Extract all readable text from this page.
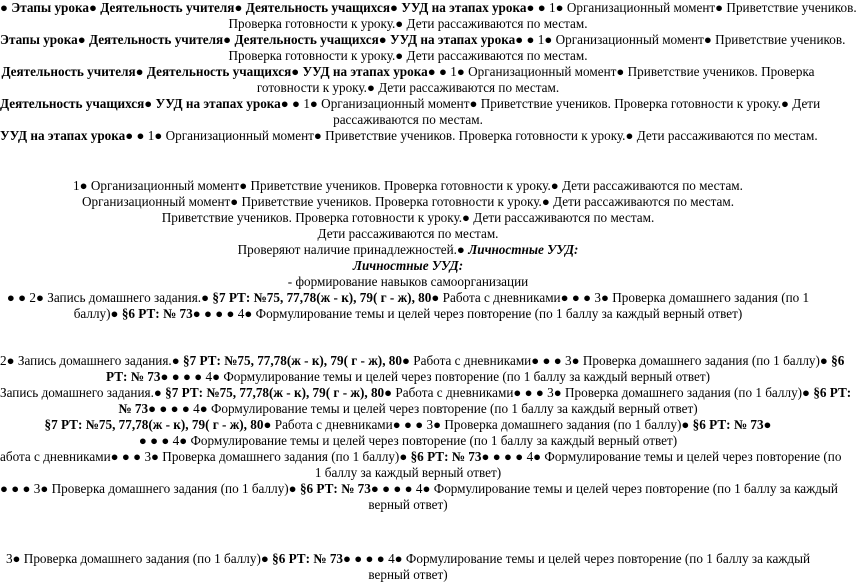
● Этапы урока● Деятельность учителя● Деятельность учащихся● УУД на этапах урока● ● 1● Организационный момент● Приветствие учеников.

Проверка готовности к уроку.● Дети рассаживаются по местам.

Этапы урока● Деятельность учителя● Деятельность учащихся● УУД на этапах урока● ● 1● Организационный момент● Приветствие учеников.

Проверка готовности к уроку.● Дети рассаживаются по местам.

Деятельность учителя● Деятельность учащихся● УУД на этапах урока● ● 1● Организационный момент● Приветствие учеников. Проверка

готовности к уроку.● Дети рассаживаются по местам.

Деятельность учащихся● УУД на этапах урока● ● 1● Организационный момент● Приветствие учеников. Проверка готовности к уроку.● Дети

рассаживаются по местам.

УУД на этапах урока● ● 1● Организационный момент● Приветствие учеников. Проверка готовности к уроку.● Дети рассаживаются по местам.

1● Организационный момент● Приветствие учеников. Проверка готовности к уроку.● Дети рассаживаются по местам.

Организационный момент● Приветствие учеников. Проверка готовности к уроку.● Дети рассаживаются по местам.

Приветствие учеников. Проверка готовности к уроку.● Дети рассаживаются по местам.

Дети рассаживаются по местам.

Проверяют наличие принадлежностей.● Личностные УУД:

Личностные УУД:

- формирование навыков самоорганизации

● ● 2● Запись домашнего задания.● §7 РТ: №75, 77,78(ж - к), 79( г - ж), 80● Работа с дневниками● ● ● 3● Проверка домашнего задания (по 1

баллу)● §6 РТ: № 73● ● ● ● 4● Формулирование темы и целей через повторение (по 1 баллу за каждый верный ответ)

2● Запись домашнего задания.● §7 РТ: №75, 77,78(ж - к), 79( г - ж), 80● Работа с дневниками● ● ● 3● Проверка домашнего задания (по 1 баллу)● §6

РТ: № 73● ● ● ● 4● Формулирование темы и целей через повторение (по 1 баллу за каждый верный ответ)

Запись домашнего задания.● §7 РТ: №75, 77,78(ж - к), 79( г - ж), 80● Работа с дневниками● ● ● 3● Проверка домашнего задания (по 1 баллу)● §6 РТ:

№ 73● ● ● ● 4● Формулирование темы и целей через повторение (по 1 баллу за каждый верный ответ)

§7 РТ: №75, 77,78(ж - к), 79( г - ж), 80● Работа с дневниками● ● ● 3● Проверка домашнего задания (по 1 баллу)● §6 РТ: № 73●

● ● ● 4● Формулирование темы и целей через повторение (по 1 баллу за каждый верный ответ)

абота с дневниками● ● ● 3● Проверка домашнего задания (по 1 баллу)● §6 РТ: № 73● ● ● ● 4● Формулирование темы и целей через повторение (по

1 баллу за каждый верный ответ)

● ● ● 3● Проверка домашнего задания (по 1 баллу)● §6 РТ: № 73● ● ● ● 4● Формулирование темы и целей через повторение (по 1 баллу за каждый

верный ответ)

3● Проверка домашнего задания (по 1 баллу)● §6 РТ: № 73● ● ● ● 4● Формулирование темы и целей через повторение (по 1 баллу за каждый

верный ответ)
